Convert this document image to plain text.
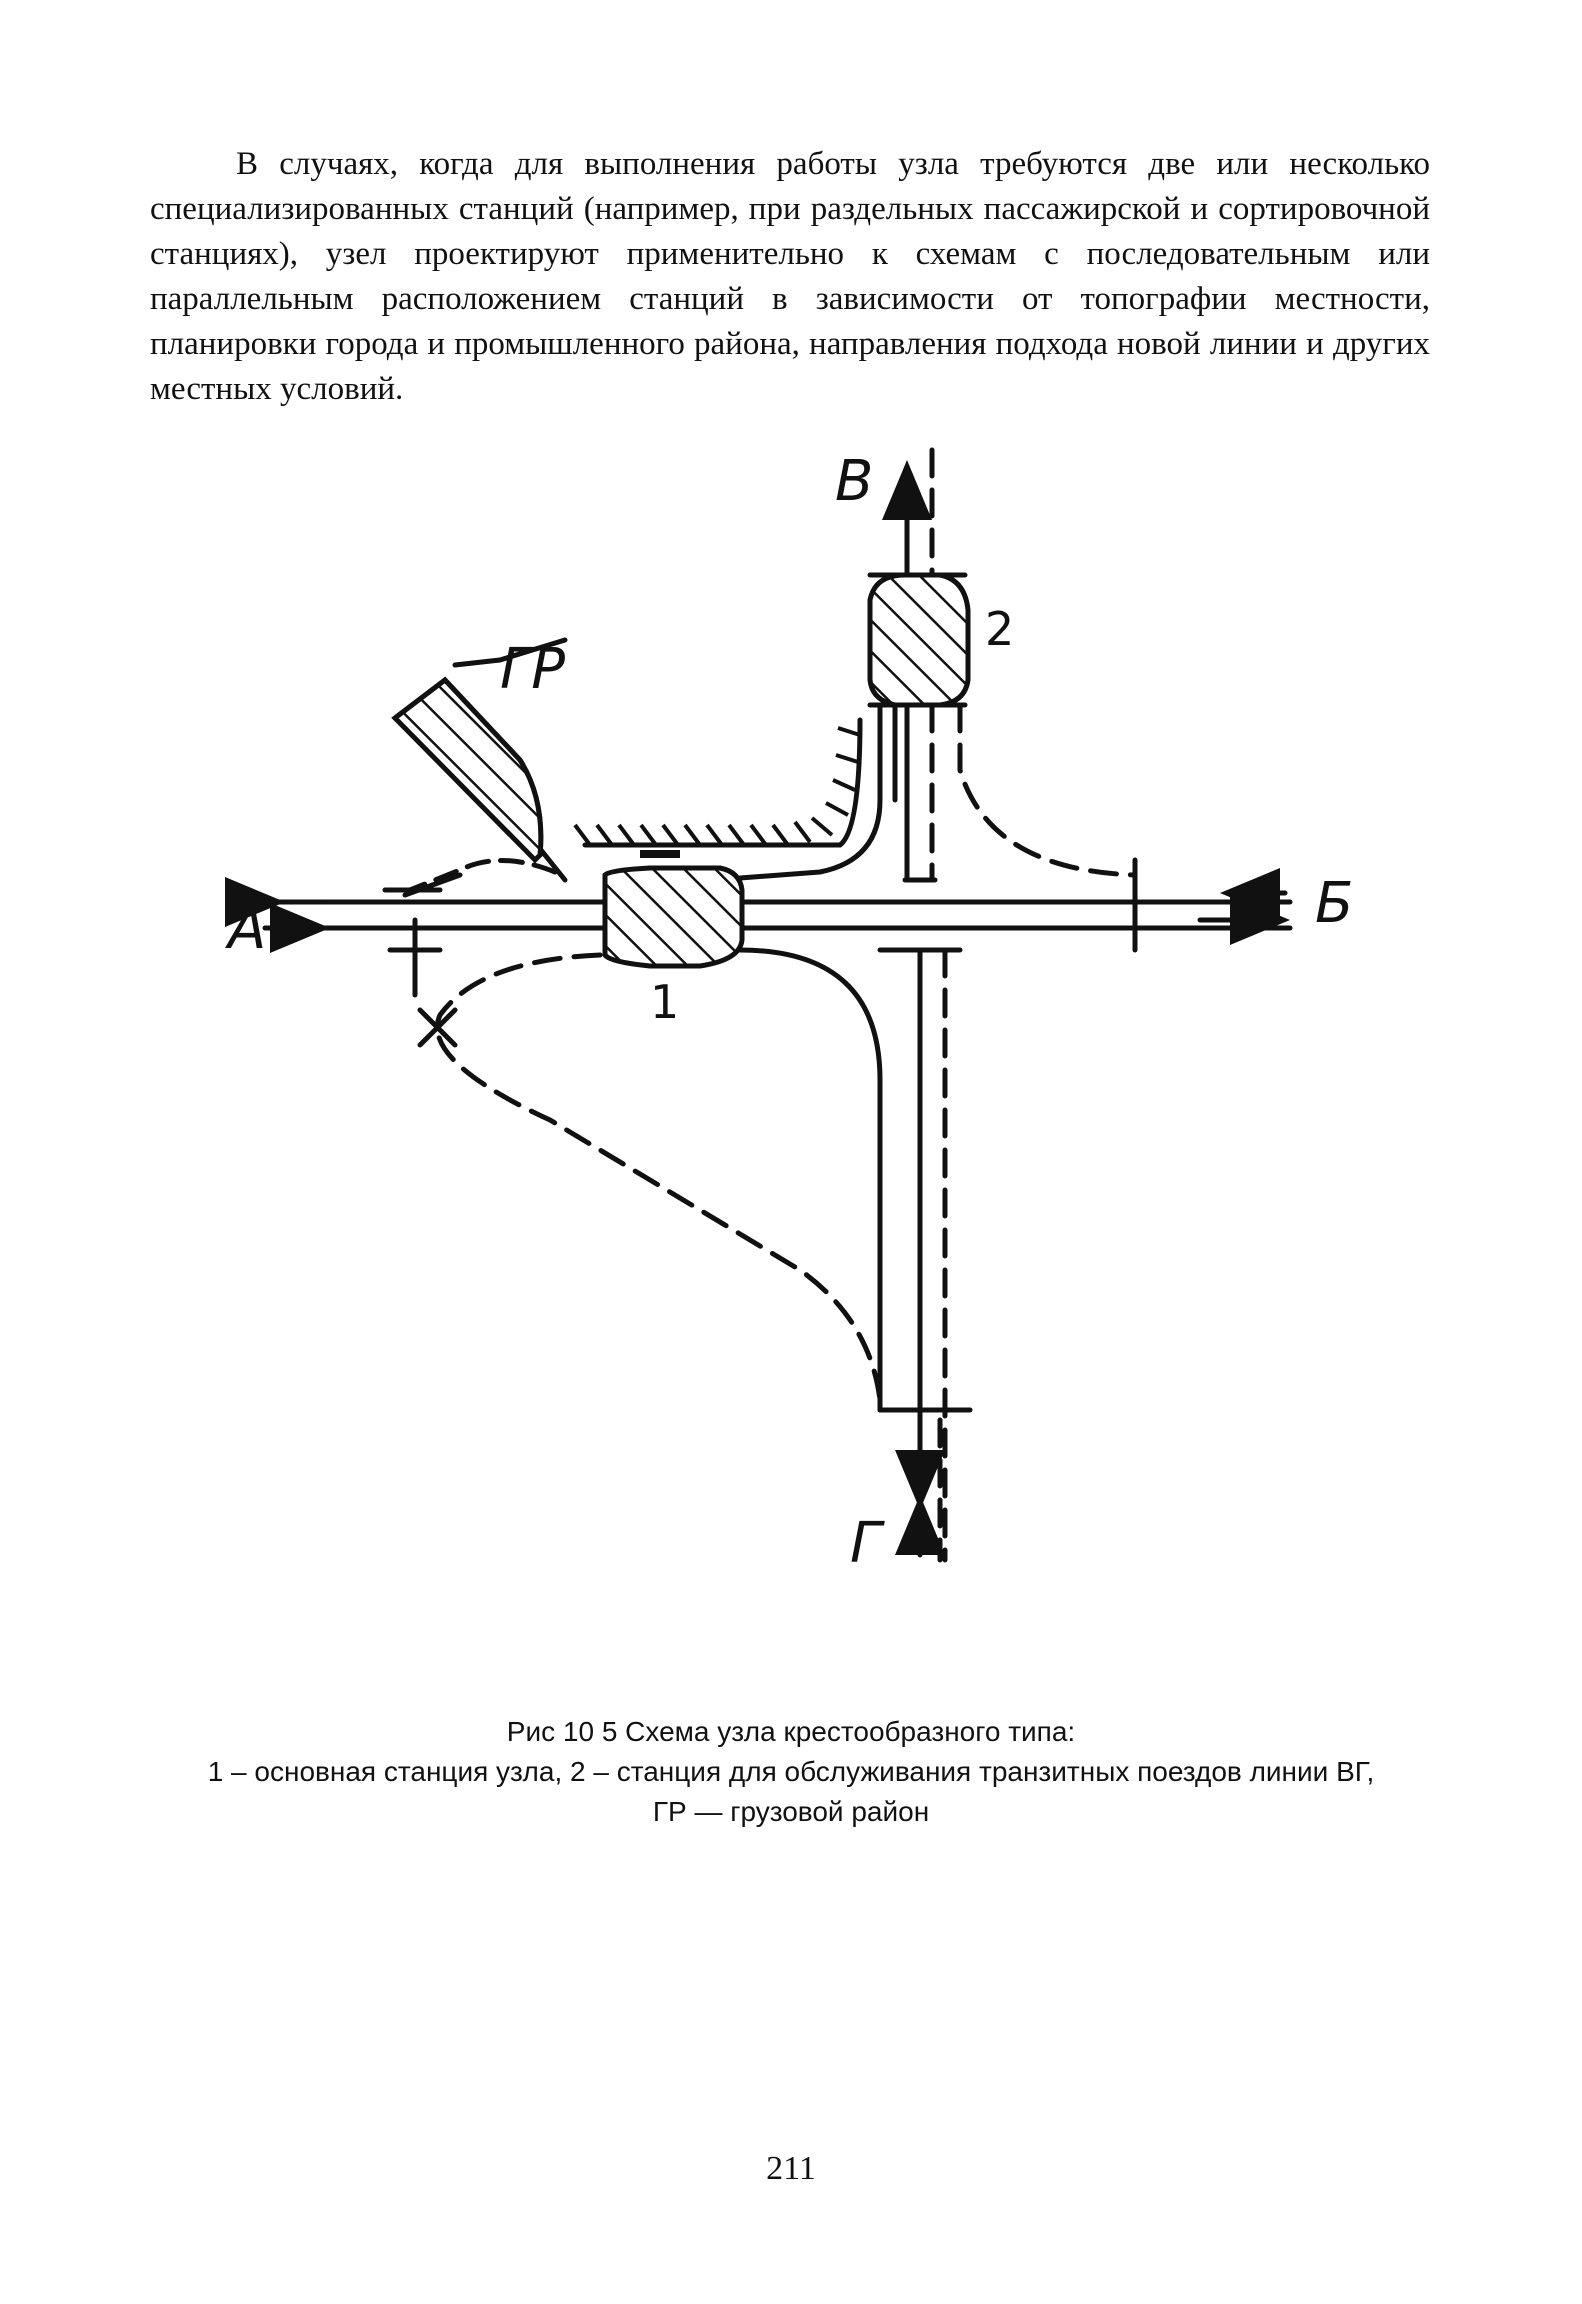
В случаях, когда для выполнения работы узла требуются две или несколько специализированных станций (например, при раздельных пассажирской и сортировочной станциях), узел проектируют применительно к схемам с последовательным или параллельным расположением станций в зависимости от топографии местности, планировки города и промышленного района, направления подхода новой линии и других местных условий.

А	Б
В
Г
ГР
1
2
Рис 10 5 Схема узла крестообразного типа:
1 – основная станция узла, 2 – станция для обслуживания транзитных поездов линии ВГ,
ГР — грузовой район
211
